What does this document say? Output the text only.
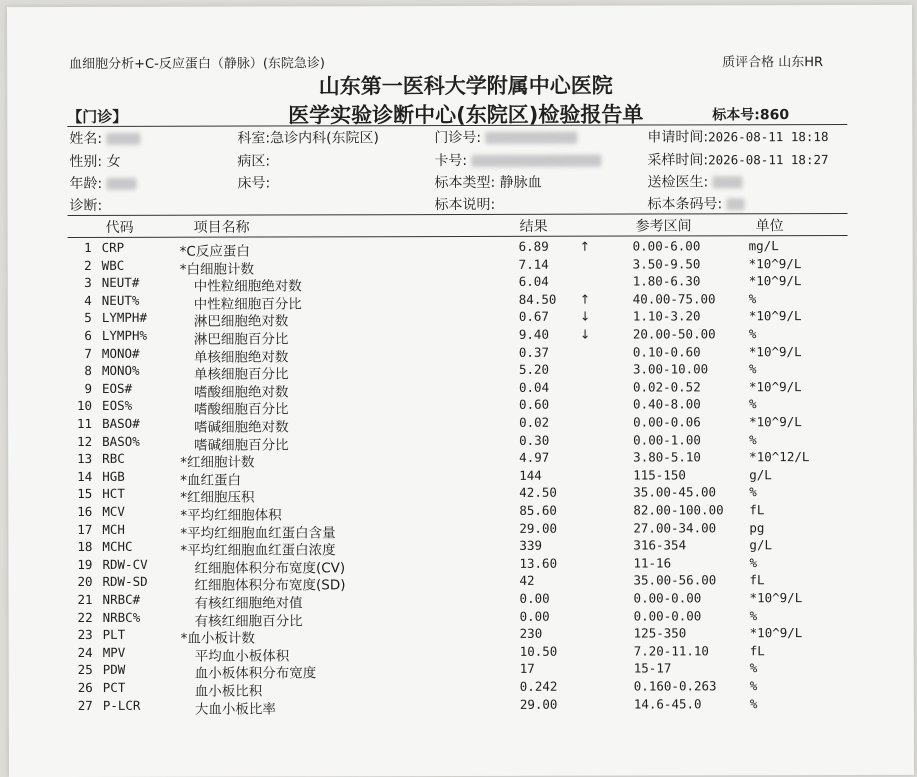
血细胞分析+C-反应蛋白（静脉）(东院急诊)	质评合格 山东HR
山东第一医科大学附属中心医院
【门诊】	医学实验诊断中心(东院区)检验报告单	标本号:860
姓名:
性别: 女
年龄:
诊断:
科室:急诊内科(东院区)
病区:
床号:
门诊号:
卡号:
标本类型: 静脉血
标本说明:
申请时间:2026-08-11 18:18
采样时间:2026-08-11 18:27
送检医生:
标本条码号:
代码	项目名称	结果	参考区间	单位
1 CRP	*C反应蛋白	6.89 ↑	0.00-6.00	mg/L
2 WBC	*白细胞计数	7.14	3.50-9.50	*10^9/L
3 NEUT#	中性粒细胞绝对数	6.04	1.80-6.30	*10^9/L
4 NEUT%	中性粒细胞百分比	84.50 ↑	40.00-75.00	%
5 LYMPH#	淋巴细胞绝对数	0.67 ↓	1.10-3.20	*10^9/L
6 LYMPH%	淋巴细胞百分比	9.40 ↓	20.00-50.00	%
7 MONO#	单核细胞绝对数	0.37	0.10-0.60	*10^9/L
8 MONO%	单核细胞百分比	5.20	3.00-10.00	%
9 EOS#	嗜酸细胞绝对数	0.04	0.02-0.52	*10^9/L
10 EOS%	嗜酸细胞百分比	0.60	0.40-8.00	%
11 BASO#	嗜碱细胞绝对数	0.02	0.00-0.06	*10^9/L
12 BASO%	嗜碱细胞百分比	0.30	0.00-1.00	%
13 RBC	*红细胞计数	4.97	3.80-5.10	*10^12/L
14 HGB	*血红蛋白	144	115-150	g/L
15 HCT	*红细胞压积	42.50	35.00-45.00	%
16 MCV	*平均红细胞体积	85.60	82.00-100.00 fL
17 MCH	*平均红细胞血红蛋白含量	29.00	27.00-34.00	pg
18 MCHC	*平均红细胞血红蛋白浓度	339	316-354	g/L
19 RDW-CV	红细胞体积分布宽度(CV)	13.60	11-16	%
20 RDW-SD	红细胞体积分布宽度(SD)	42	35.00-56.00	fL
21 NRBC#	有核红细胞绝对值	0.00	0.00-0.00	*10^9/L
22 NRBC%	有核红细胞百分比	0.00	0.00-0.00	%
23 PLT	*血小板计数	230	125-350	*10^9/L
24 MPV	平均血小板体积	10.50	7.20-11.10	fL
25 PDW	血小板体积分布宽度	17	15-17	%
26 PCT	血小板比积	0.242	0.160-0.263	%
27 P-LCR	大血小板比率	29.00	14.6-45.0	%
